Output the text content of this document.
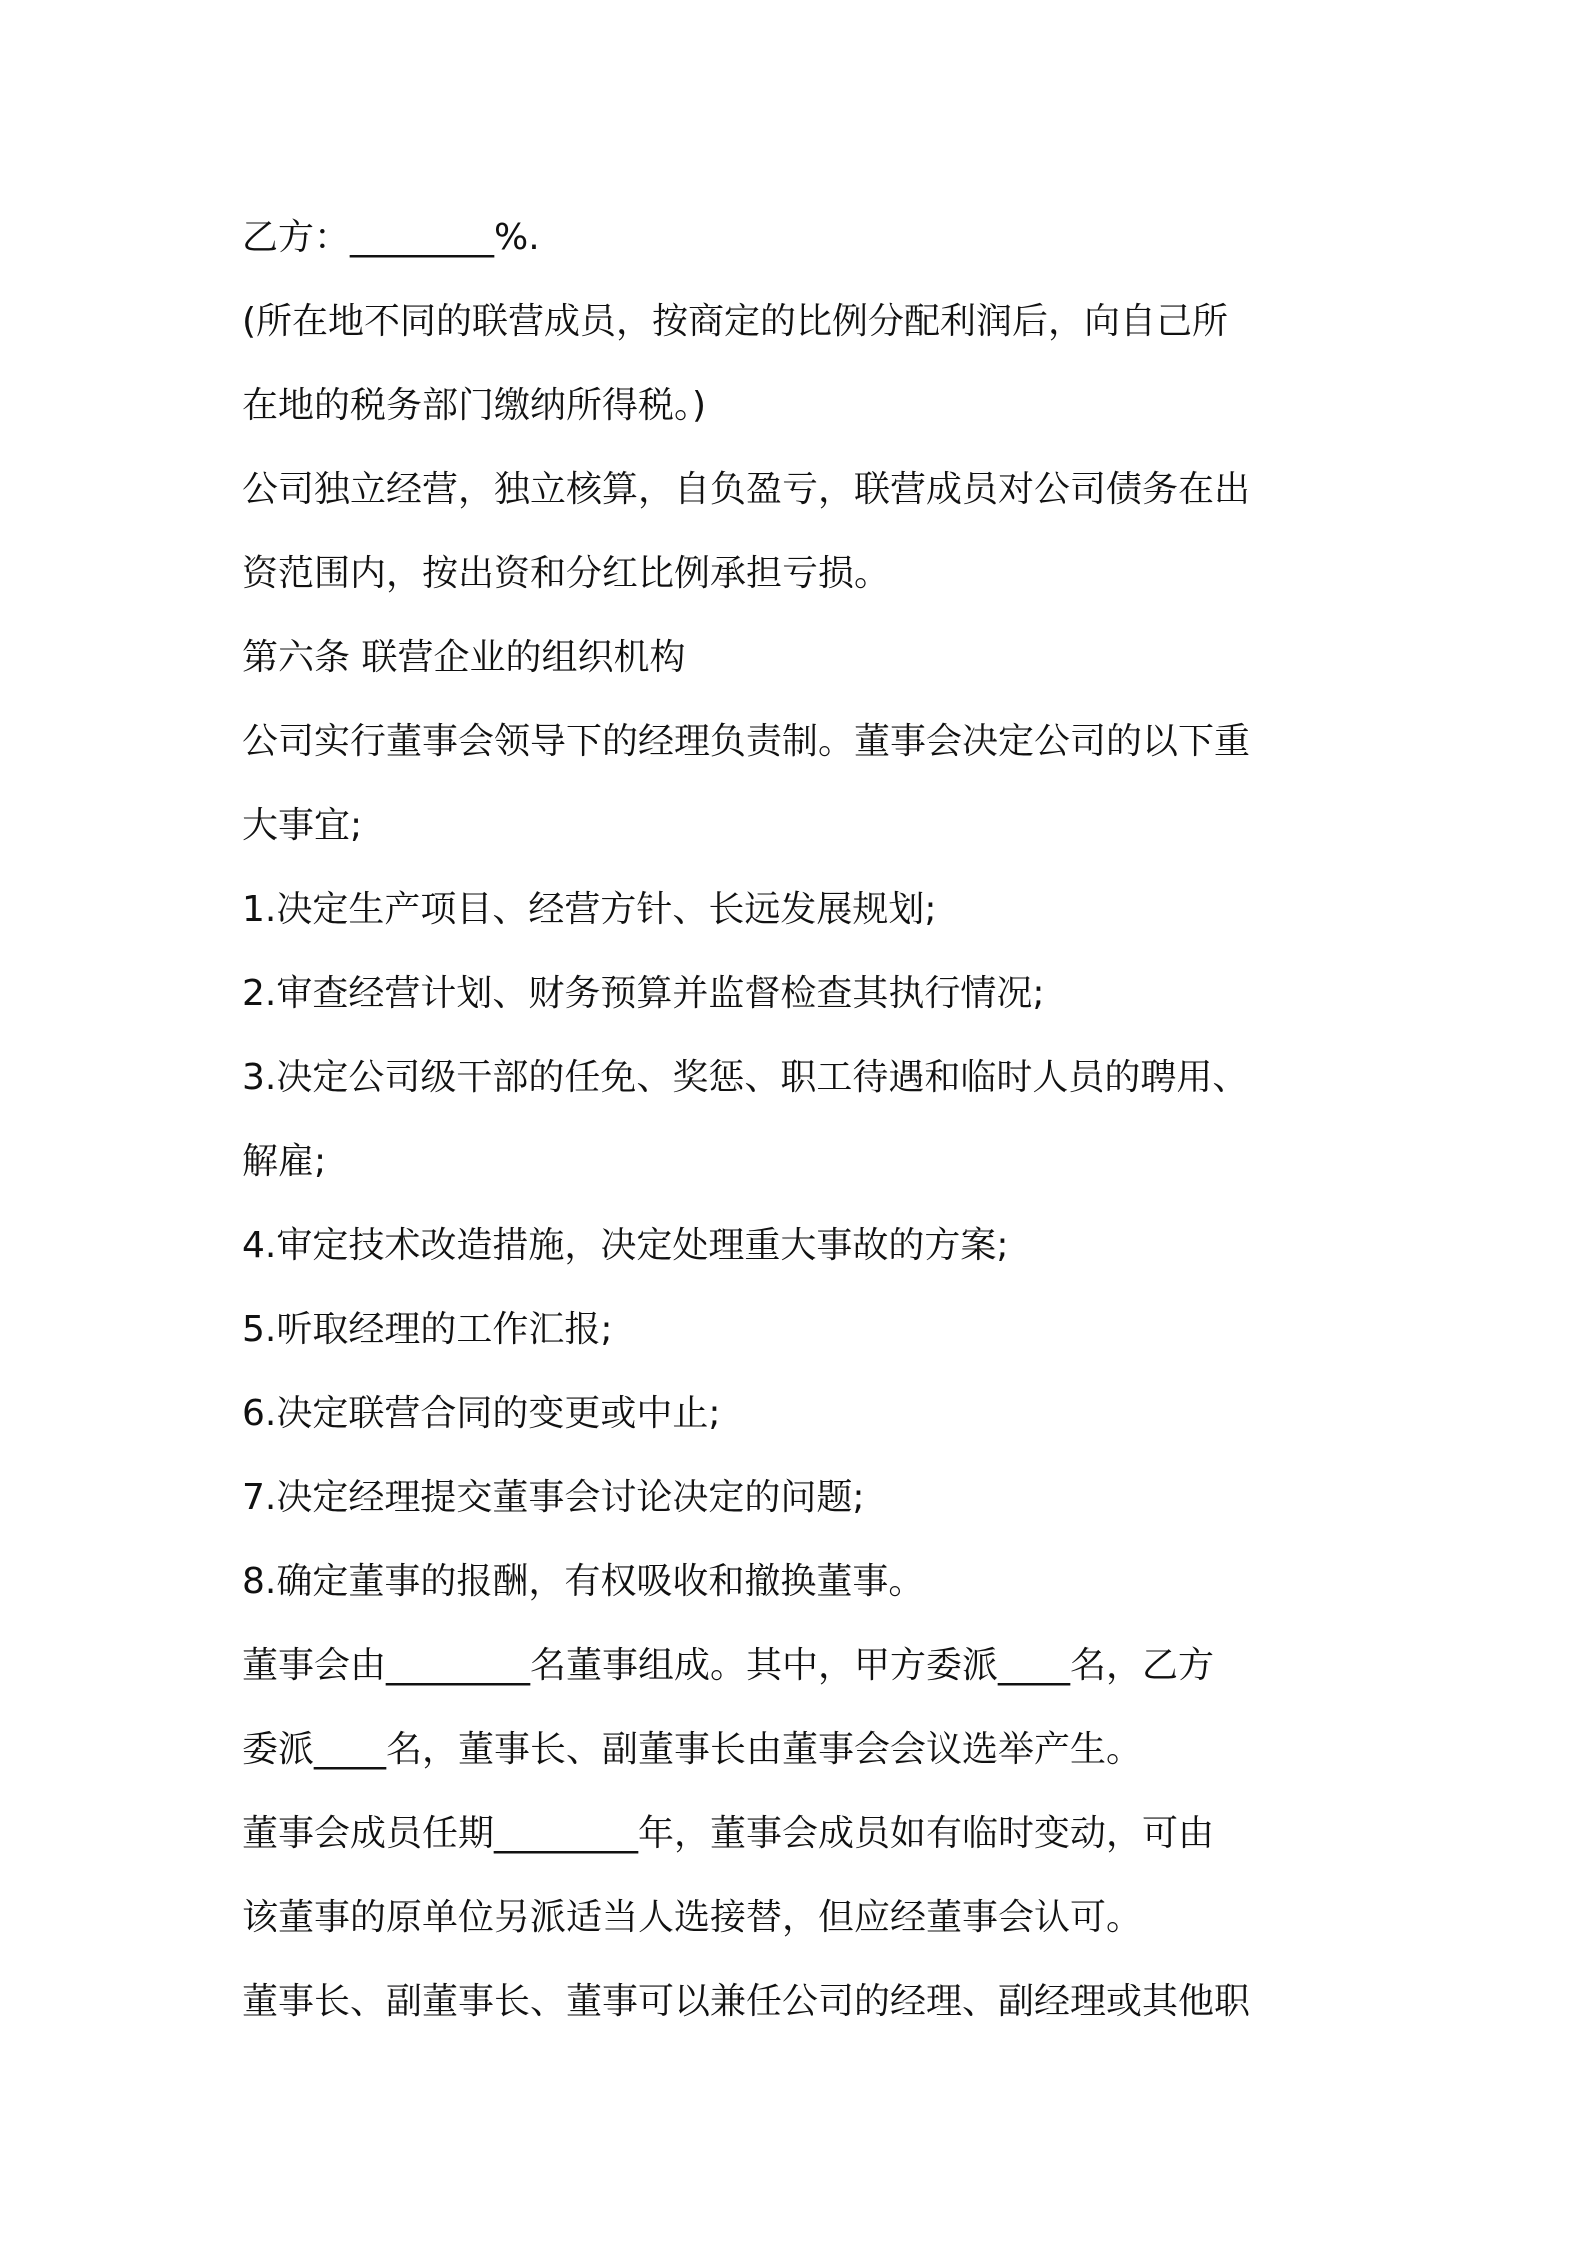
乙方：________%.
(所在地不同的联营成员，按商定的比例分配利润后，向自己所
在地的税务部门缴纳所得税。)
公司独立经营，独立核算，自负盈亏，联营成员对公司债务在出
资范围内，按出资和分红比例承担亏损。
第六条 联营企业的组织机构
公司实行董事会领导下的经理负责制。董事会决定公司的以下重
大事宜;
1.决定生产项目、经营方针、长远发展规划;
2.审查经营计划、财务预算并监督检查其执行情况;
3.决定公司级干部的任免、奖惩、职工待遇和临时人员的聘用、
解雇;
4.审定技术改造措施，决定处理重大事故的方案;
5.听取经理的工作汇报;
6.决定联营合同的变更或中止;
7.决定经理提交董事会讨论决定的问题;
8.确定董事的报酬，有权吸收和撤换董事。
董事会由________名董事组成。其中，甲方委派____名，乙方
委派____名，董事长、副董事长由董事会会议选举产生。
董事会成员任期________年，董事会成员如有临时变动，可由
该董事的原单位另派适当人选接替，但应经董事会认可。
董事长、副董事长、董事可以兼任公司的经理、副经理或其他职
